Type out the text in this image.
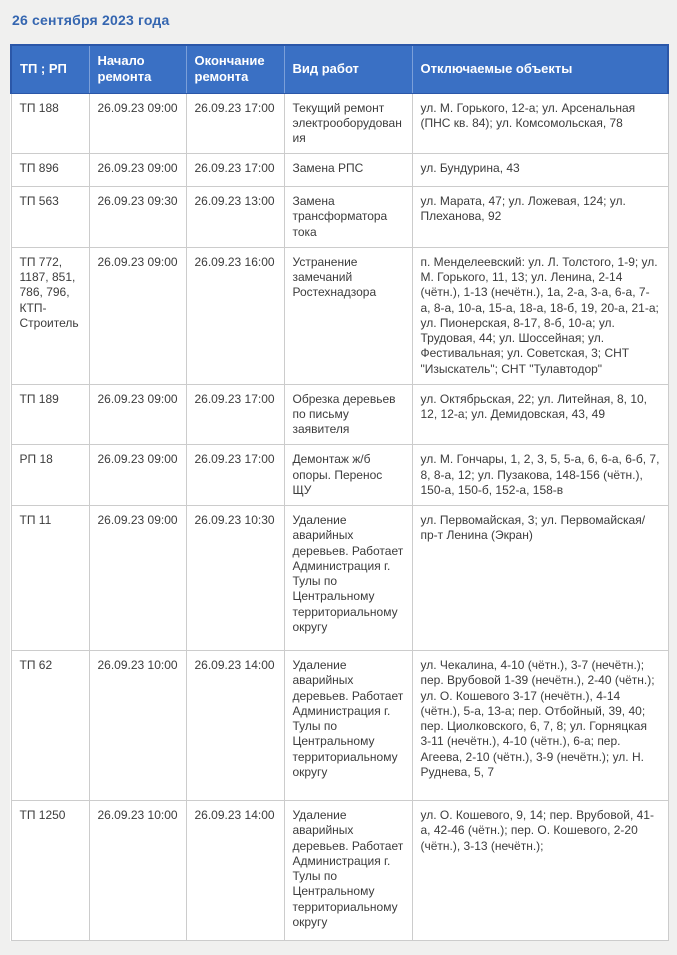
26 сентября 2023 года
ТП ; РП	Начало ремонта	Окончание ремонта	Вид работ	Отключаемые объекты
ТП 188	26.09.23 09:00	26.09.23 17:00	Текущий ремонт электрооборудования	ул. М. Горького, 12-а; ул. Арсенальная (ПНС кв. 84); ул. Комсомольская, 78
ТП 896	26.09.23 09:00	26.09.23 17:00	Замена РПС	ул. Бундурина, 43
ТП 563	26.09.23 09:30	26.09.23 13:00	Замена трансформатора тока	ул. Марата, 47; ул. Ложевая, 124; ул. Плеханова, 92
ТП 772, 1187, 851, 786, 796, КТП-Строитель	26.09.23 09:00	26.09.23 16:00	Устранение замечаний Ростехнадзора	п. Менделеевский: ул. Л. Толстого, 1-9; ул. М. Горького, 11, 13; ул. Ленина, 2-14 (чётн.), 1-13 (нечётн.), 1а, 2-а, 3-а, 6-а, 7-а, 8-а, 10-а, 15-а, 18-а, 18-б, 19, 20-а, 21-а; ул. Пионерская, 8-17, 8-б, 10-а; ул. Трудовая, 44; ул. Шоссейная; ул. Фестивальная; ул. Советская, 3; СНТ "Изыскатель"; СНТ "Тулавтодор"
ТП 189	26.09.23 09:00	26.09.23 17:00	Обрезка деревьев по письму заявителя	ул. Октябрьская, 22; ул. Литейная, 8, 10, 12, 12-а; ул. Демидовская, 43, 49
РП 18	26.09.23 09:00	26.09.23 17:00	Демонтаж ж/б опоры. Перенос ЩУ	ул. М. Гончары, 1, 2, 3, 5, 5-а, 6, 6-а, 6-б, 7, 8, 8-а, 12; ул. Пузакова, 148-156 (чётн.), 150-а, 150-б, 152-а, 158-в
ТП 11	26.09.23 09:00	26.09.23 10:30	Удаление аварийных деревьев. Работает Администрация г. Тулы по Центральному территориальному округу	ул. Первомайская, 3; ул. Первомайская/пр-т Ленина (Экран)
ТП 62	26.09.23 10:00	26.09.23 14:00	Удаление аварийных деревьев. Работает Администрация г. Тулы по Центральному территориальному округу	ул. Чекалина, 4-10 (чётн.), 3-7 (нечётн.); пер. Врубовой 1-39 (нечётн.), 2-40 (чётн.); ул. О. Кошевого 3-17 (нечётн.), 4-14 (чётн.), 5-а, 13-а; пер. Отбойный, 39, 40; пер. Циолковского, 6, 7, 8; ул. Горняцкая 3-11 (нечётн.), 4-10 (чётн.), 6-а; пер. Агеева, 2-10 (чётн.), 3-9 (нечётн.); ул. Н. Руднева, 5, 7
ТП 1250	26.09.23 10:00	26.09.23 14:00	Удаление аварийных деревьев. Работает Администрация г. Тулы по Центральному территориальному округу	ул. О. Кошевого, 9, 14; пер. Врубовой, 41-а, 42-46 (чётн.); пер. О. Кошевого, 2-20 (чётн.), 3-13 (нечётн.);
